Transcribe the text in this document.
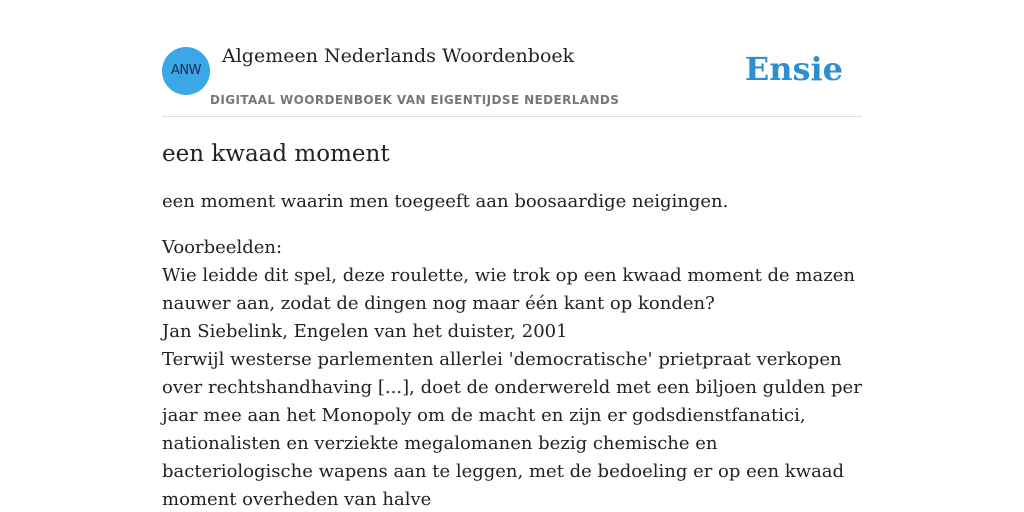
ANW
Algemeen Nederlands Woordenboek
DIGITAAL WOORDENBOEK VAN EIGENTIJDSE NEDERLANDS
Ensie
een kwaad moment
een moment waarin men toegeeft aan boosaardige neigingen.
Voorbeelden:
Wie leidde dit spel, deze roulette, wie trok op een kwaad moment de mazen nauwer aan, zodat de dingen nog maar één kant op konden?
Jan Siebelink, Engelen van het duister, 2001
Terwijl westerse parlementen allerlei 'democratische' prietpraat verkopen over rechtshandhaving [...], doet de onderwereld met een biljoen gulden per jaar mee aan het Monopoly om de macht en zijn er godsdienstfanatici, nationalisten en verziekte megalomanen bezig chemische en bacteriologische wapens aan te leggen, met de bedoeling er op een kwaad moment overheden van halve
